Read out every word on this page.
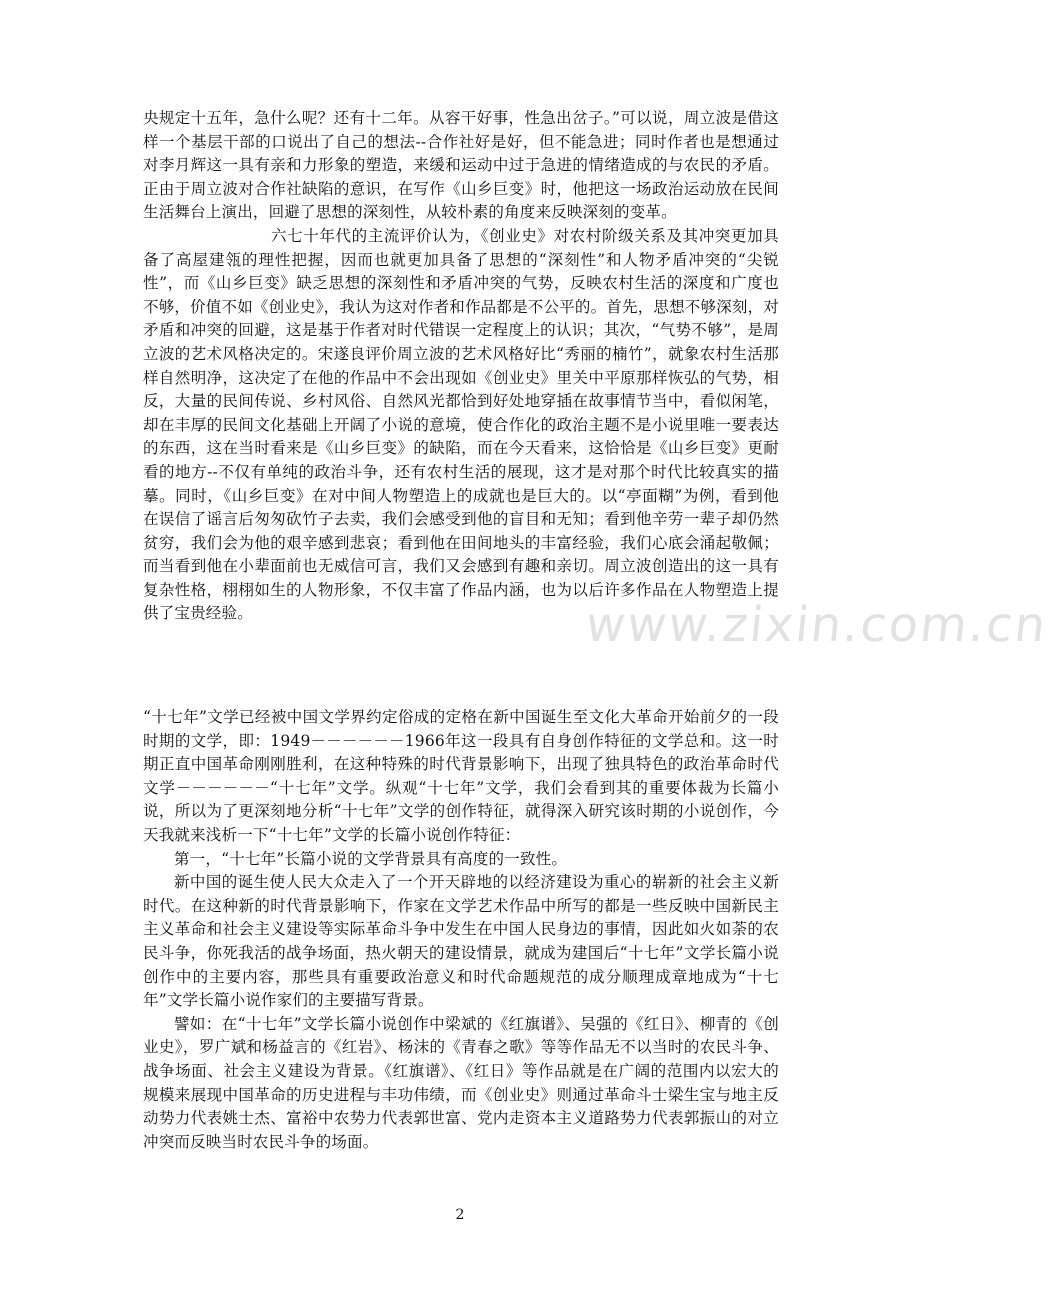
央规定十五年，急什么呢？还有十二年。从容干好事，性急出岔子。”可以说，周立波是借这样一个基层干部的口说出了自己的想法--合作社好是好，但不能急进；同时作者也是想通过对李月辉这一具有亲和力形象的塑造，来缓和运动中过于急进的情绪造成的与农民的矛盾。正由于周立波对合作社缺陷的意识，在写作《山乡巨变》时，他把这一场政治运动放在民间生活舞台上演出，回避了思想的深刻性，从较朴素的角度来反映深刻的变革。

六七十年代的主流评价认为，《创业史》对农村阶级关系及其冲突更加具备了高屋建瓴的理性把握，因而也就更加具备了思想的“深刻性”和人物矛盾冲突的“尖锐性”，而《山乡巨变》缺乏思想的深刻性和矛盾冲突的气势，反映农村生活的深度和广度也不够，价值不如《创业史》，我认为这对作者和作品都是不公平的。首先，思想不够深刻，对矛盾和冲突的回避，这是基于作者对时代错误一定程度上的认识；其次，“气势不够”，是周立波的艺术风格决定的。宋遂良评价周立波的艺术风格好比“秀丽的楠竹”，就象农村生活那样自然明净，这决定了在他的作品中不会出现如《创业史》里关中平原那样恢弘的气势，相反，大量的民间传说、乡村风俗、自然风光都恰到好处地穿插在故事情节当中，看似闲笔，却在丰厚的民间文化基础上开阔了小说的意境，使合作化的政治主题不是小说里唯一要表达的东西，这在当时看来是《山乡巨变》的缺陷，而在今天看来，这恰恰是《山乡巨变》更耐看的地方--不仅有单纯的政治斗争，还有农村生活的展现，这才是对那个时代比较真实的描摹。同时，《山乡巨变》在对中间人物塑造上的成就也是巨大的。以“亭面糊”为例，看到他在误信了谣言后匆匆砍竹子去卖，我们会感受到他的盲目和无知；看到他辛劳一辈子却仍然贫穷，我们会为他的艰辛感到悲哀；看到他在田间地头的丰富经验，我们心底会涌起敬佩；而当看到他在小辈面前也无威信可言，我们又会感到有趣和亲切。周立波创造出的这一具有复杂性格，栩栩如生的人物形象，不仅丰富了作品内涵，也为以后许多作品在人物塑造上提供了宝贵经验。	www.zixin.com.cn

“十七年”文学已经被中国文学界约定俗成的定格在新中国诞生至文化大革命开始前夕的一段时期的文学，即：1949－－－－－－1966年这一段具有自身创作特征的文学总和。这一时期正直中国革命刚刚胜利，在这种特殊的时代背景影响下，出现了独具特色的政治革命时代文学－－－－－－“十七年”文学。纵观“十七年”文学，我们会看到其的重要体裁为长篇小说，所以为了更深刻地分析“十七年”文学的创作特征，就得深入研究该时期的小说创作，今天我就来浅析一下“十七年”文学的长篇小说创作特征：

第一，“十七年”长篇小说的文学背景具有高度的一致性。

新中国的诞生使人民大众走入了一个开天辟地的以经济建设为重心的崭新的社会主义新时代。在这种新的时代背景影响下，作家在文学艺术作品中所写的都是一些反映中国新民主主义革命和社会主义建设等实际革命斗争中发生在中国人民身边的事情，因此如火如荼的农民斗争，你死我活的战争场面，热火朝天的建设情景，就成为建国后“十七年”文学长篇小说创作中的主要内容，那些具有重要政治意义和时代命题规范的成分顺理成章地成为“十七年”文学长篇小说作家们的主要描写背景。

譬如：在“十七年”文学长篇小说创作中梁斌的《红旗谱》、吴强的《红日》、柳青的《创业史》，罗广斌和杨益言的《红岩》、杨沫的《青春之歌》等等作品无不以当时的农民斗争、战争场面、社会主义建设为背景。《红旗谱》、《红日》等作品就是在广阔的范围内以宏大的规模来展现中国革命的历史进程与丰功伟绩，而《创业史》则通过革命斗士梁生宝与地主反动势力代表姚士杰、富裕中农势力代表郭世富、党内走资本主义道路势力代表郭振山的对立冲突而反映当时农民斗争的场面。

2
